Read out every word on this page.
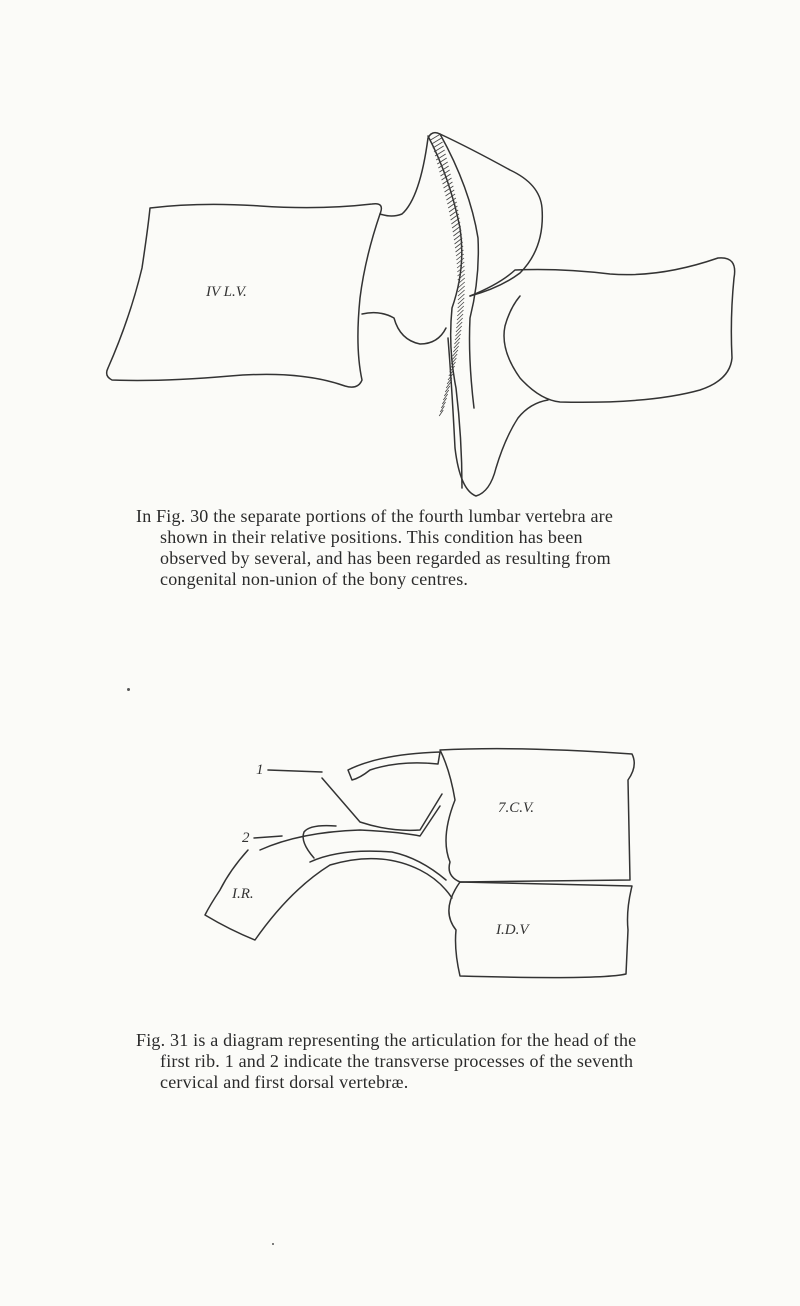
IV L.V.
In Fig. 30 the separate portions of the fourth lumbar vertebra are
shown in their relative positions. This condition has been
observed by several, and has been regarded as resulting from
congenital non-union of the bony centres.
1
2
I.R.
7.C.V.
I.D.V
Fig. 31 is a diagram representing the articulation for the head of the
first rib. 1 and 2 indicate the transverse processes of the seventh
cervical and first dorsal vertebræ.
